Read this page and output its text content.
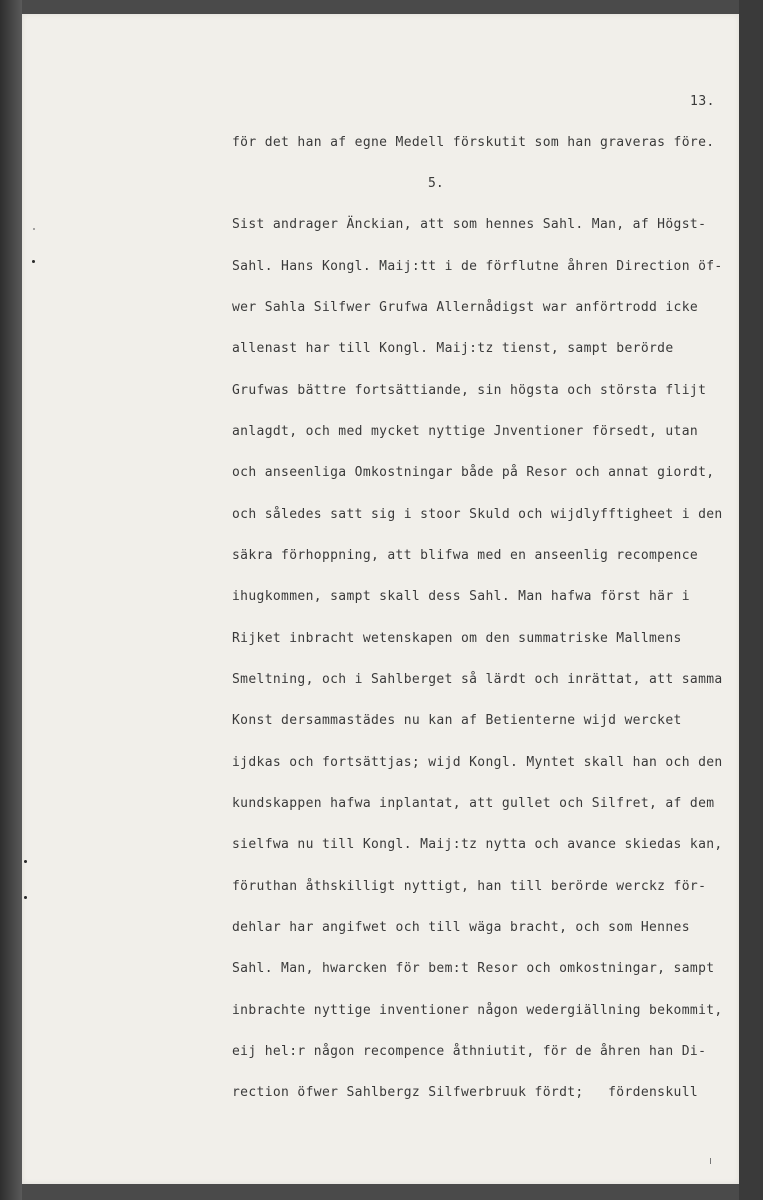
13.
5.
för det han af egne Medell förskutit som han graveras före.
Sist andrager Änckian, att som hennes Sahl. Man, af Högst-
Sahl. Hans Kongl. Maij:tt i de förflutne åhren Direction öf-
wer Sahla Silfwer Grufwa Allernådigst war anförtrodd icke
allenast har till Kongl. Maij:tz tienst, sampt berörde
Grufwas bättre fortsättiande, sin högsta och största flijt
anlagdt, och med mycket nyttige Jnventioner försedt, utan
och anseenliga Omkostningar både på Resor och annat giordt,
och således satt sig i stoor Skuld och wijdlyfftigheet i den
säkra förhoppning, att blifwa med en anseenlig recompence
ihugkommen, sampt skall dess Sahl. Man hafwa först här i
Rijket inbracht wetenskapen om den summatriske Mallmens
Smeltning, och i Sahlberget så lärdt och inrättat, att samma
Konst dersammastädes nu kan af Betienterne wijd wercket
ijdkas och fortsättjas; wijd Kongl. Myntet skall han och den
kundskappen hafwa inplantat, att gullet och Silfret, af dem
sielfwa nu till Kongl. Maij:tz nytta och avance skiedas kan,
föruthan åthskilligt nyttigt, han till berörde werckz för-
dehlar har angifwet och till wäga bracht, och som Hennes
Sahl. Man, hwarcken för bem:t Resor och omkostningar, sampt
inbrachte nyttige inventioner någon wedergiällning bekommit,
eij hel:r någon recompence åthniutit, för de åhren han Di-
rection öfwer Sahlbergz Silfwerbruuk fördt;   fördenskull
